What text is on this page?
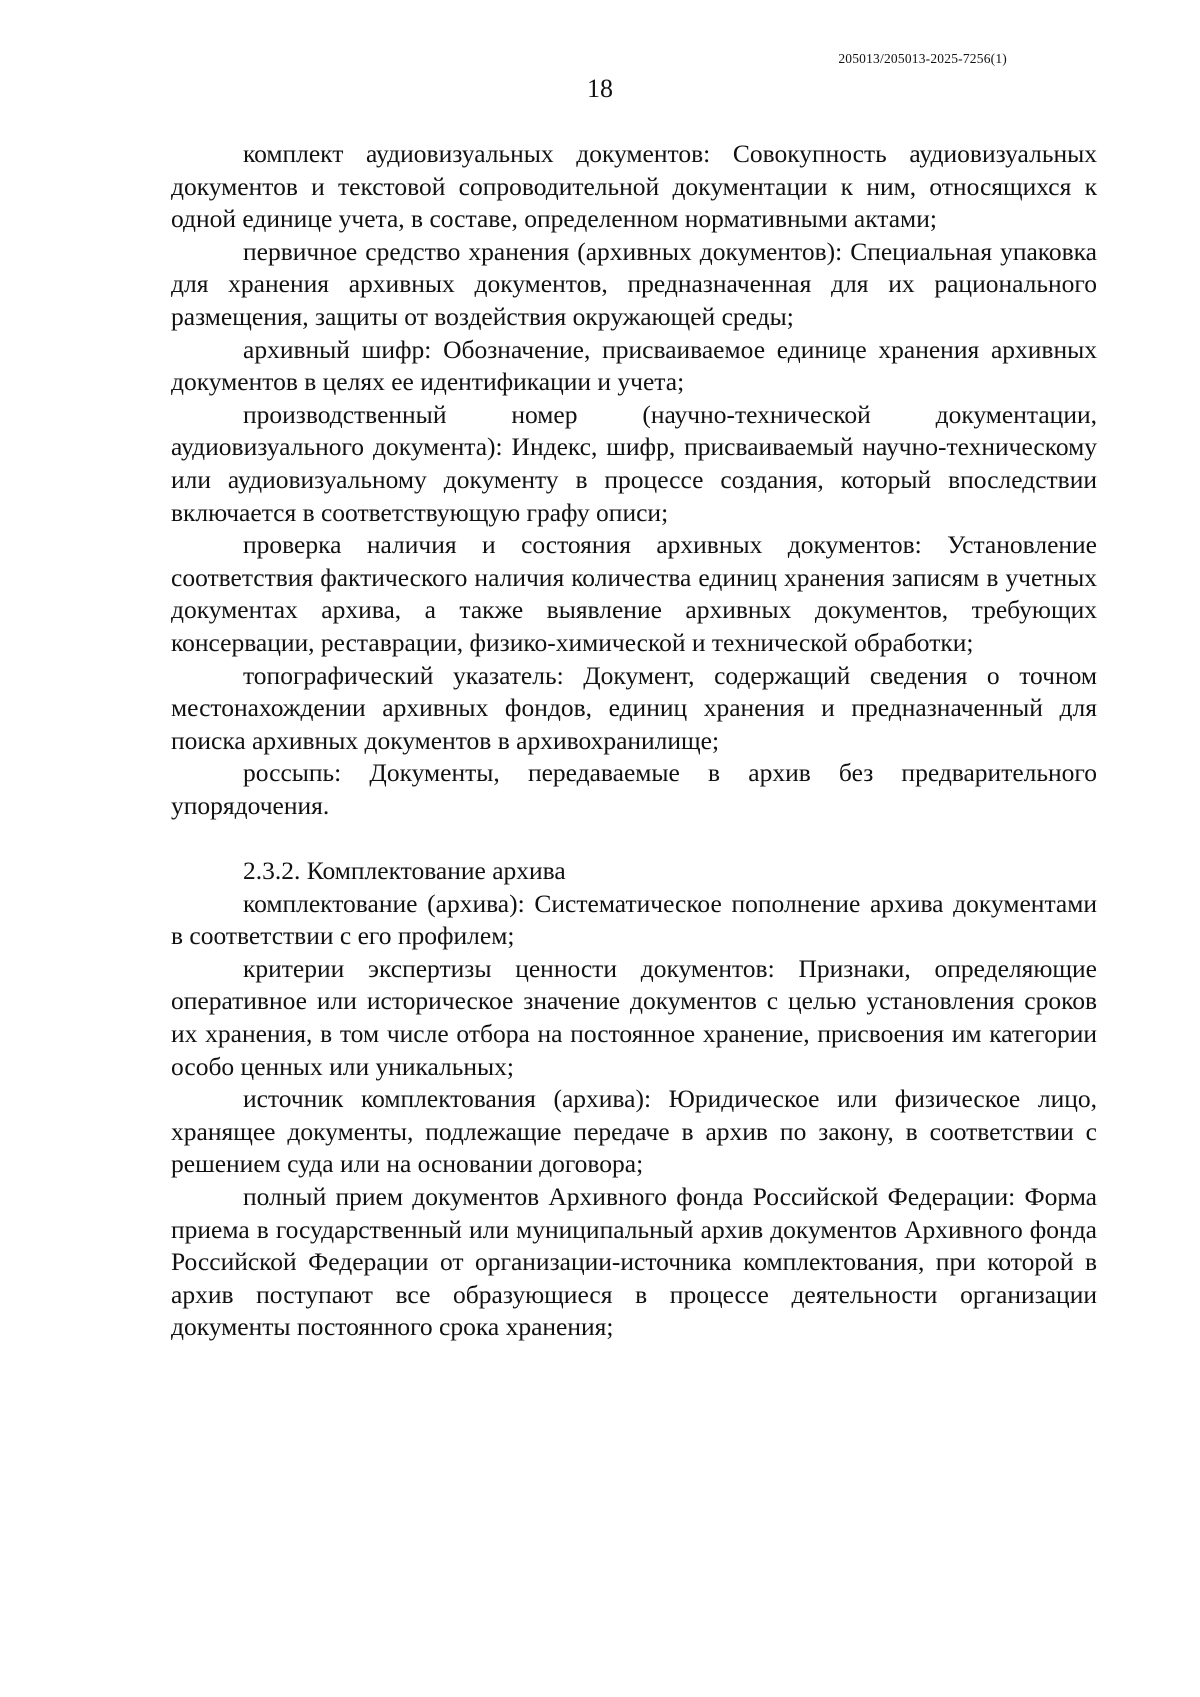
205013/205013-2025-7256(1)
18

комплект аудиовизуальных документов: Совокупность аудиовизуальных документов и текстовой сопроводительной документации к ним, относящихся к одной единице учета, в составе, определенном нормативными актами;

первичное средство хранения (архивных документов): Специальная упаковка для хранения архивных документов, предназначенная для их рационального размещения, защиты от воздействия окружающей среды;

архивный шифр: Обозначение, присваиваемое единице хранения архивных документов в целях ее идентификации и учета;

производственный номер (научно-технической документации, аудиовизуального документа): Индекс, шифр, присваиваемый научно-техническому или аудиовизуальному документу в процессе создания, который впоследствии включается в соответствующую графу описи;

проверка наличия и состояния архивных документов: Установление соответствия фактического наличия количества единиц хранения записям в учетных документах архива, а также выявление архивных документов, требующих консервации, реставрации, физико-химической и технической обработки;

топографический указатель: Документ, содержащий сведения о точном местонахождении архивных фондов, единиц хранения и предназначенный для поиска архивных документов в архивохранилище;

россыпь: Документы, передаваемые в архив без предварительного упорядочения.

2.3.2. Комплектование архива

комплектование (архива): Систематическое пополнение архива документами в соответствии с его профилем;

критерии экспертизы ценности документов: Признаки, определяющие оперативное или историческое значение документов с целью установления сроков их хранения, в том числе отбора на постоянное хранение, присвоения им категории особо ценных или уникальных;

источник комплектования (архива): Юридическое или физическое лицо, хранящее документы, подлежащие передаче в архив по закону, в соответствии с решением суда или на основании договора;

полный прием документов Архивного фонда Российской Федерации: Форма приема в государственный или муниципальный архив документов Архивного фонда Российской Федерации от организации-источника комплектования, при которой в архив поступают все образующиеся в процессе деятельности организации документы постоянного срока хранения;
